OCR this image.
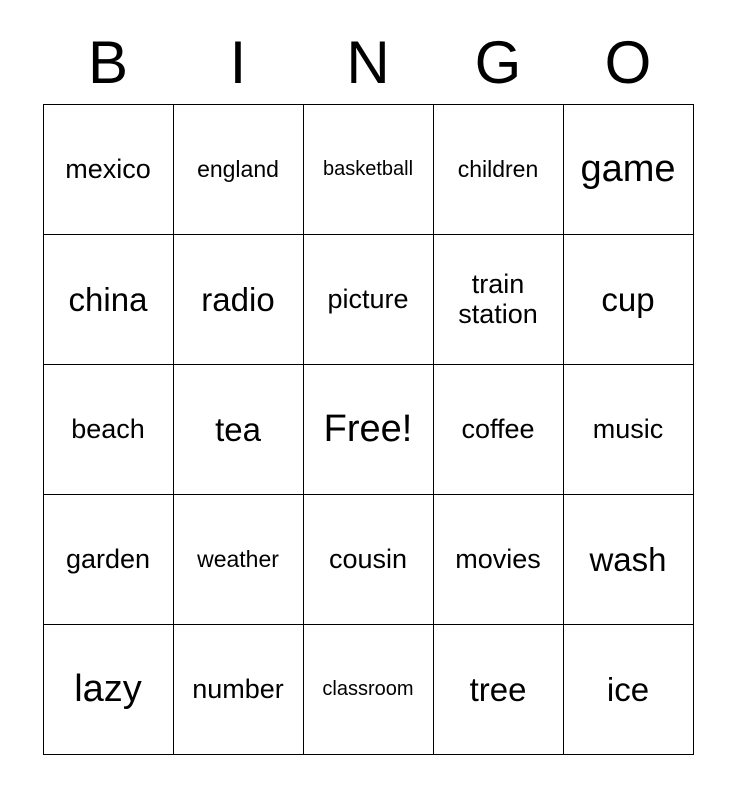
B	I	N	G	O
mexico	england	basketball	children	game
china	radio	picture	train station	cup
beach	tea	Free!	coffee	music
garden	weather	cousin	movies	wash
lazy	number	classroom	tree	ice
